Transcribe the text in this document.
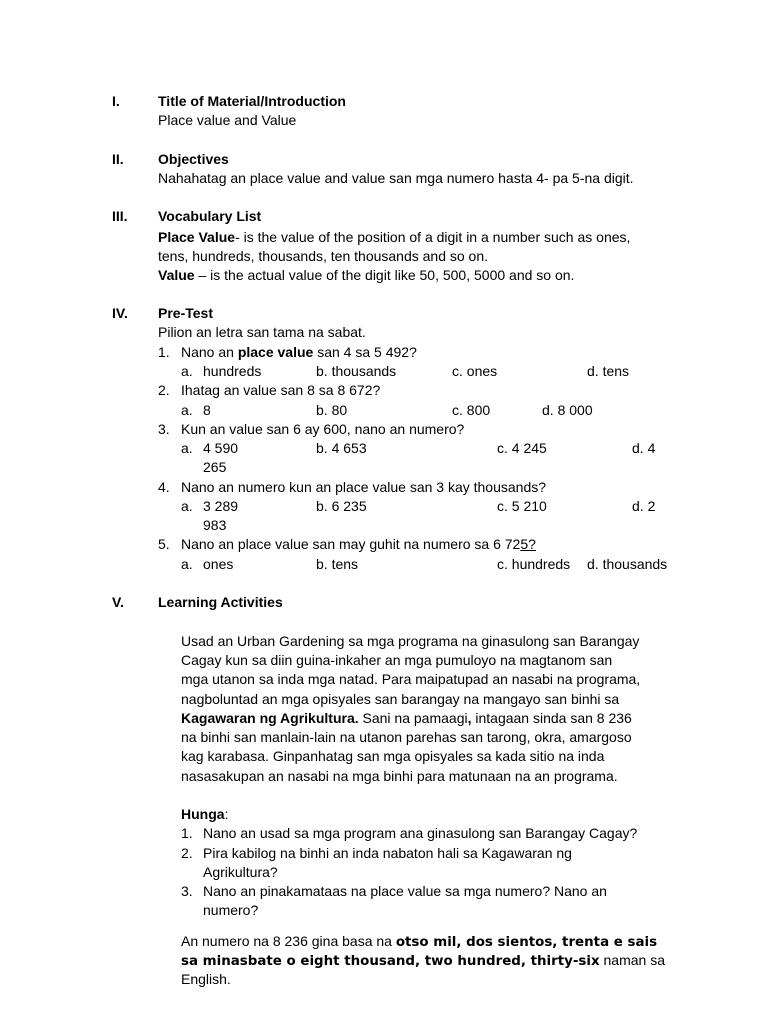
I.	Title of Material/Introduction
Place value and Value
II. Objectives
Nahahatag an place value and value san mga numero hasta 4- pa 5-na digit.
III. Vocabulary List
Place Value- is the value of the position of a digit in a number such as ones,
tens, hundreds, thousands, ten thousands and so on.
Value – is the actual value of the digit like 50, 500, 5000 and so on.
IV. Pre-Test
Pilion an letra san tama na sabat.
1. Nano an place value san 4 sa 5 492?
a. hundreds	b. thousands	c. ones	d. tens
2. Ihatag an value san 8 sa 8 672?
a. 8	b. 80	c. 800	d. 8 000
3. Kun an value san 6 ay 600, nano an numero?
a. 4 590	b. 4 653	c. 4 245	d. 4
265
4. Nano an numero kun an place value san 3 kay thousands?
a. 3 289	b. 6 235	c. 5 210	d. 2
983
5. Nano an place value san may guhit na numero sa 6 725?
a. ones	b. tens	c. hundreds d. thousands
V. Learning Activities
Usad an Urban Gardening sa mga programa na ginasulong san Barangay
Cagay kun sa diin guina-inkaher an mga pumuloyo na magtanom san
mga utanon sa inda mga natad. Para maipatupad an nasabi na programa,
nagboluntad an mga opisyales san barangay na mangayo san binhi sa
Kagawaran ng Agrikultura. Sani na pamaagi, intagaan sinda san 8 236
na binhi san manlain-lain na utanon parehas san tarong, okra, amargoso
kag karabasa. Ginpanhatag san mga opisyales sa kada sitio na inda
nasasakupan an nasabi na mga binhi para matunaan na an programa.
Hunga:
1. Nano an usad sa mga program ana ginasulong san Barangay Cagay?
2. Pira kabilog na binhi an inda nabaton hali sa Kagawaran ng
Agrikultura?
3. Nano an pinakamataas na place value sa mga numero? Nano an
numero?
An numero na 8 236 gina basa na otso mil, dos sientos, trenta e sais
sa minasbate o eight thousand, two hundred, thirty-six naman sa
English.
